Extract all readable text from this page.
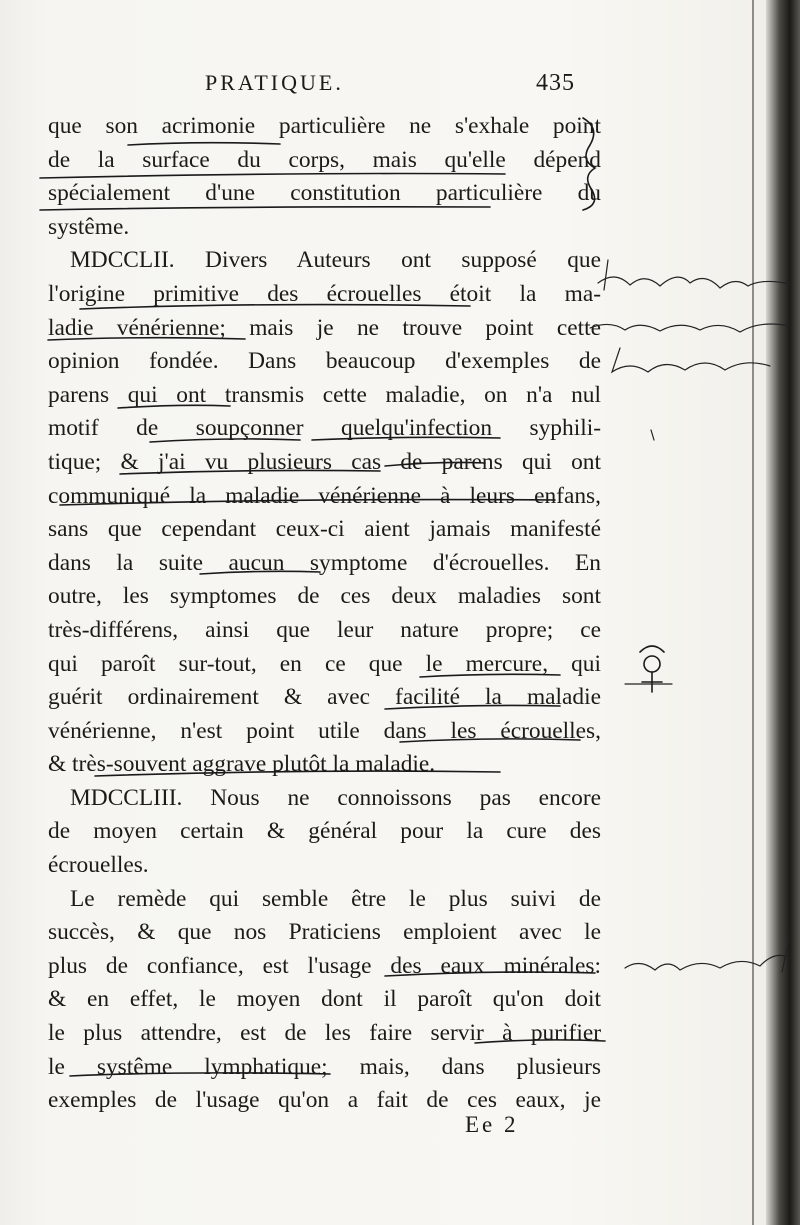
PRATIQUE.	435
que son acrimonie particulière ne s'exhale point
de la surface du corps, mais qu'elle dépend
spécialement d'une constitution particulière du
systême.
MDCCLII. Divers Auteurs ont supposé que
l'origine primitive des écrouelles étoit la ma-
ladie vénérienne; mais je ne trouve point cette
opinion fondée. Dans beaucoup d'exemples de
parens qui ont transmis cette maladie, on n'a nul
motif de soupçonner quelqu'infection syphili-
tique; & j'ai vu plusieurs cas de parens qui ont
communiqué la maladie vénérienne à leurs enfans,
sans que cependant ceux-ci aient jamais manifesté
dans la suite aucun symptome d'écrouelles. En
outre, les symptomes de ces deux maladies sont
très-différens, ainsi que leur nature propre; ce
qui paroît sur-tout, en ce que le mercure, qui
guérit ordinairement & avec facilité la maladie
vénérienne, n'est point utile dans les écrouelles,
& très-souvent aggrave plutôt la maladie.
MDCCLIII. Nous ne connoissons pas encore
de moyen certain & général pour la cure des
écrouelles.
Le remède qui semble être le plus suivi de
succès, & que nos Praticiens emploient avec le
plus de confiance, est l'usage des eaux minérales:
& en effet, le moyen dont il paroît qu'on doit
le plus attendre, est de les faire servir à purifier
le systême lymphatique; mais, dans plusieurs
exemples de l'usage qu'on a fait de ces eaux, je
Ee 2
